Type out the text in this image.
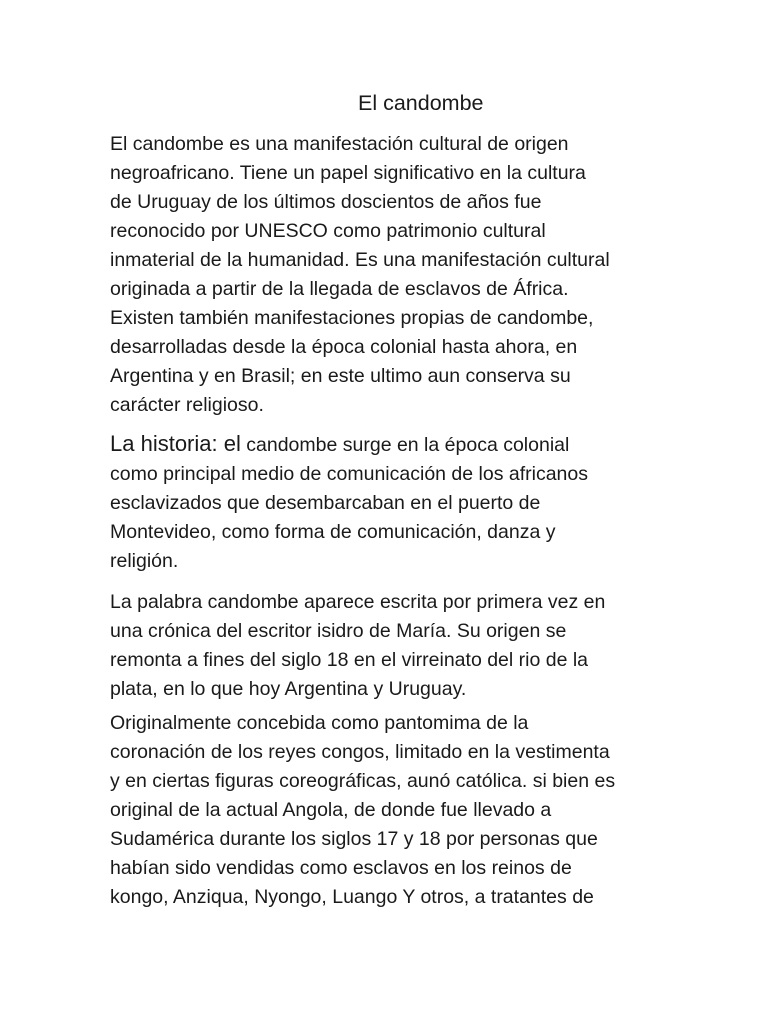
El candombe

El candombe es una manifestación cultural de origen

negroafricano. Tiene un papel significativo en la cultura

de Uruguay de los últimos doscientos de años fue

reconocido por UNESCO como patrimonio cultural

inmaterial de la humanidad. Es una manifestación cultural

originada a partir de la llegada de esclavos de África.

Existen también manifestaciones propias de candombe,

desarrolladas desde la época colonial hasta ahora, en

Argentina y en Brasil; en este ultimo aun conserva su

carácter religioso.

La historia: el candombe surge en la época colonial

como principal medio de comunicación de los africanos

esclavizados que desembarcaban en el puerto de

Montevideo, como forma de comunicación, danza y

religión.

La palabra candombe aparece escrita por primera vez en

una crónica del escritor isidro de María. Su origen se

remonta a fines del siglo 18 en el virreinato del rio de la

plata, en lo que hoy Argentina y Uruguay.

Originalmente concebida como pantomima de la

coronación de los reyes congos, limitado en la vestimenta

y en ciertas figuras coreográficas, aunó católica. si bien es

original de la actual Angola, de donde fue llevado a

Sudamérica durante los siglos 17 y 18 por personas que

habían sido vendidas como esclavos en los reinos de

kongo, Anziqua, Nyongo, Luango Y otros, a tratantes de
